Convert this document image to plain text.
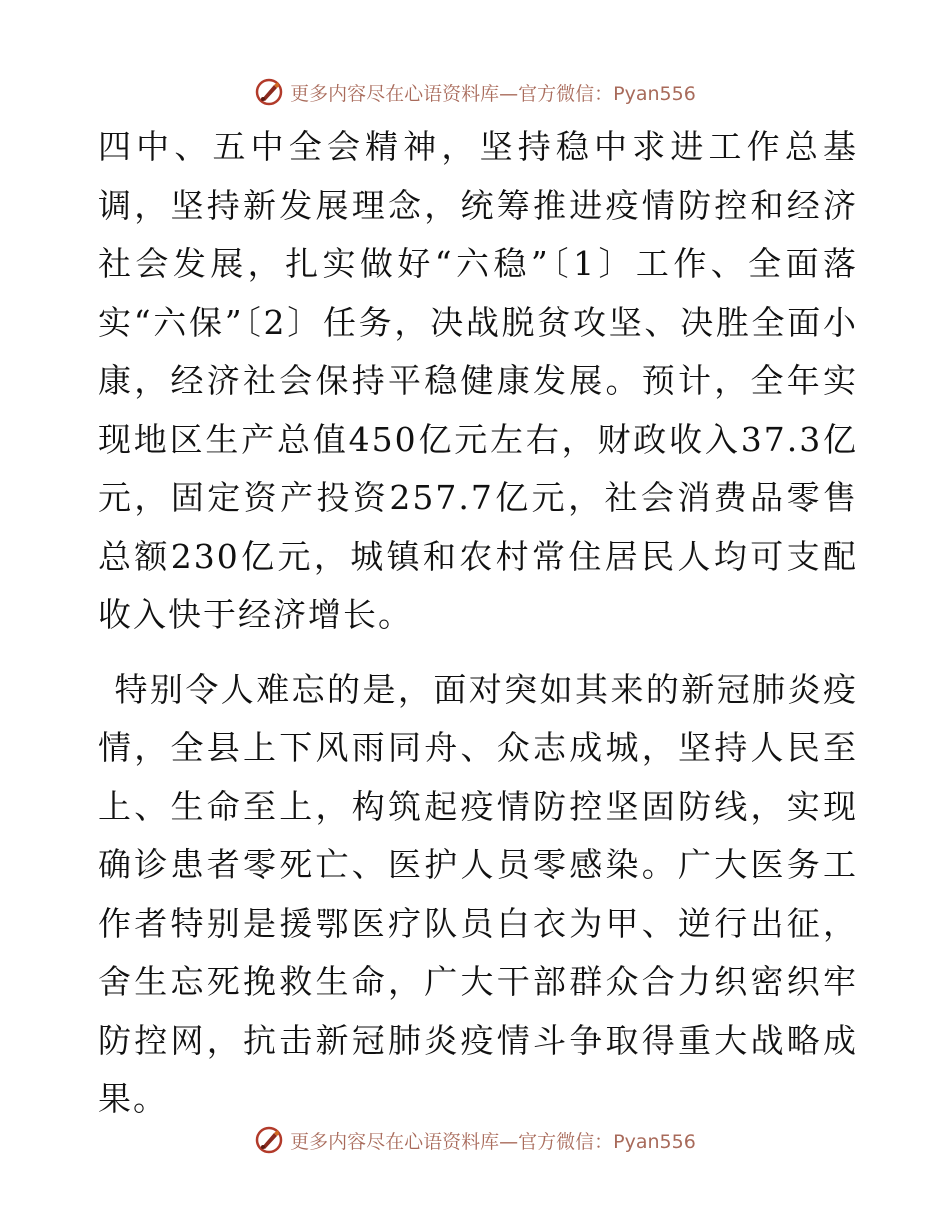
更多内容尽在心语资料库—官方微信：Pyan556

四中、五中全会精神，坚持稳中求进工作总基调，坚持新发展理念，统筹推进疫情防控和经济社会发展，扎实做好“六稳”〔1〕工作、全面落实“六保”〔2〕任务，决战脱贫攻坚、决胜全面小康，经济社会保持平稳健康发展。预计，全年实现地区生产总值450亿元左右，财政收入37.3亿元，固定资产投资257.7亿元，社会消费品零售总额230亿元，城镇和农村常住居民人均可支配收入快于经济增长。

特别令人难忘的是，面对突如其来的新冠肺炎疫情，全县上下风雨同舟、众志成城，坚持人民至上、生命至上，构筑起疫情防控坚固防线，实现确诊患者零死亡、医护人员零感染。广大医务工作者特别是援鄂医疗队员白衣为甲、逆行出征，舍生忘死挽救生命，广大干部群众合力织密织牢防控网，抗击新冠肺炎疫情斗争取得重大战略成果。

更多内容尽在心语资料库—官方微信：Pyan556
